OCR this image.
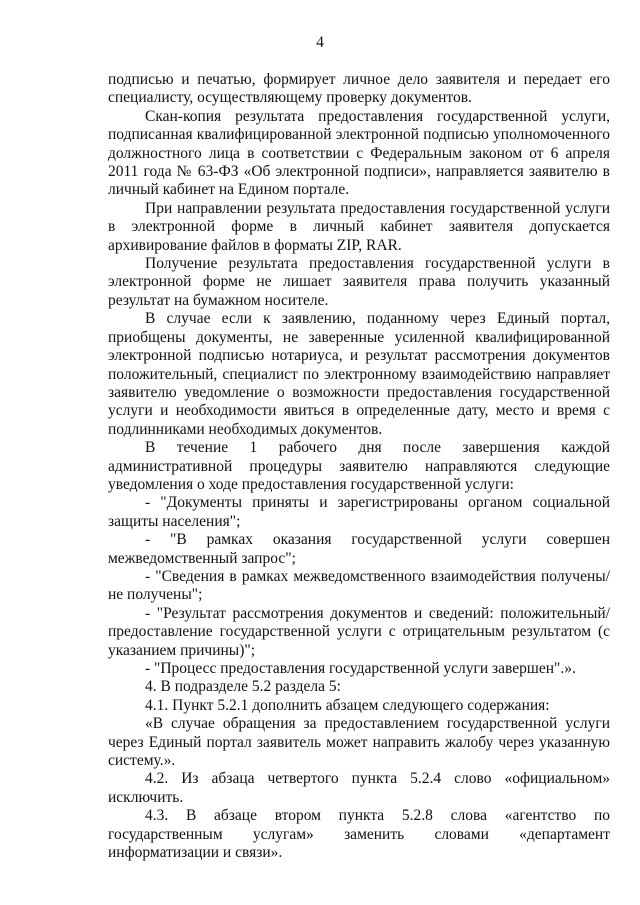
4

подписью и печатью, формирует личное дело заявителя и передает его специалисту, осуществляющему проверку документов.

Скан-копия результата предоставления государственной услуги, подписанная квалифицированной электронной подписью уполномоченного должностного лица в соответствии с Федеральным законом от 6 апреля 2011 года № 63-ФЗ «Об электронной подписи», направляется заявителю в личный кабинет на Едином портале.

При направлении результата предоставления государственной услуги в электронной форме в личный кабинет заявителя допускается архивирование файлов в форматы ZIP, RAR.

Получение результата предоставления государственной услуги в электронной форме не лишает заявителя права получить указанный результат на бумажном носителе.

В случае если к заявлению, поданному через Единый портал, приобщены документы, не заверенные усиленной квалифицированной электронной подписью нотариуса, и результат рассмотрения документов положительный, специалист по электронному взаимодействию направляет заявителю уведомление о возможности предоставления государственной услуги и необходимости явиться в определенные дату, место и время с подлинниками необходимых документов.

В течение 1 рабочего дня после завершения каждой административной процедуры заявителю направляются следующие уведомления о ходе предоставления государственной услуги:

- "Документы приняты и зарегистрированы органом социальной защиты населения";

- "В рамках оказания государственной услуги совершен межведомственный запрос";

- "Сведения в рамках межведомственного взаимодействия получены/ не получены";

- "Результат рассмотрения документов и сведений: положительный/ предоставление государственной услуги с отрицательным результатом (с указанием причины)";

- "Процесс предоставления государственной услуги завершен".».

4. В подразделе 5.2 раздела 5:

4.1. Пункт 5.2.1 дополнить абзацем следующего содержания:

«В случае обращения за предоставлением государственной услуги через Единый портал заявитель может направить жалобу через указанную систему.».

4.2. Из абзаца четвертого пункта 5.2.4 слово «официальном» исключить.

4.3. В абзаце втором пункта 5.2.8 слова «агентство по государственным услугам» заменить словами «департамент информатизации и связи».
